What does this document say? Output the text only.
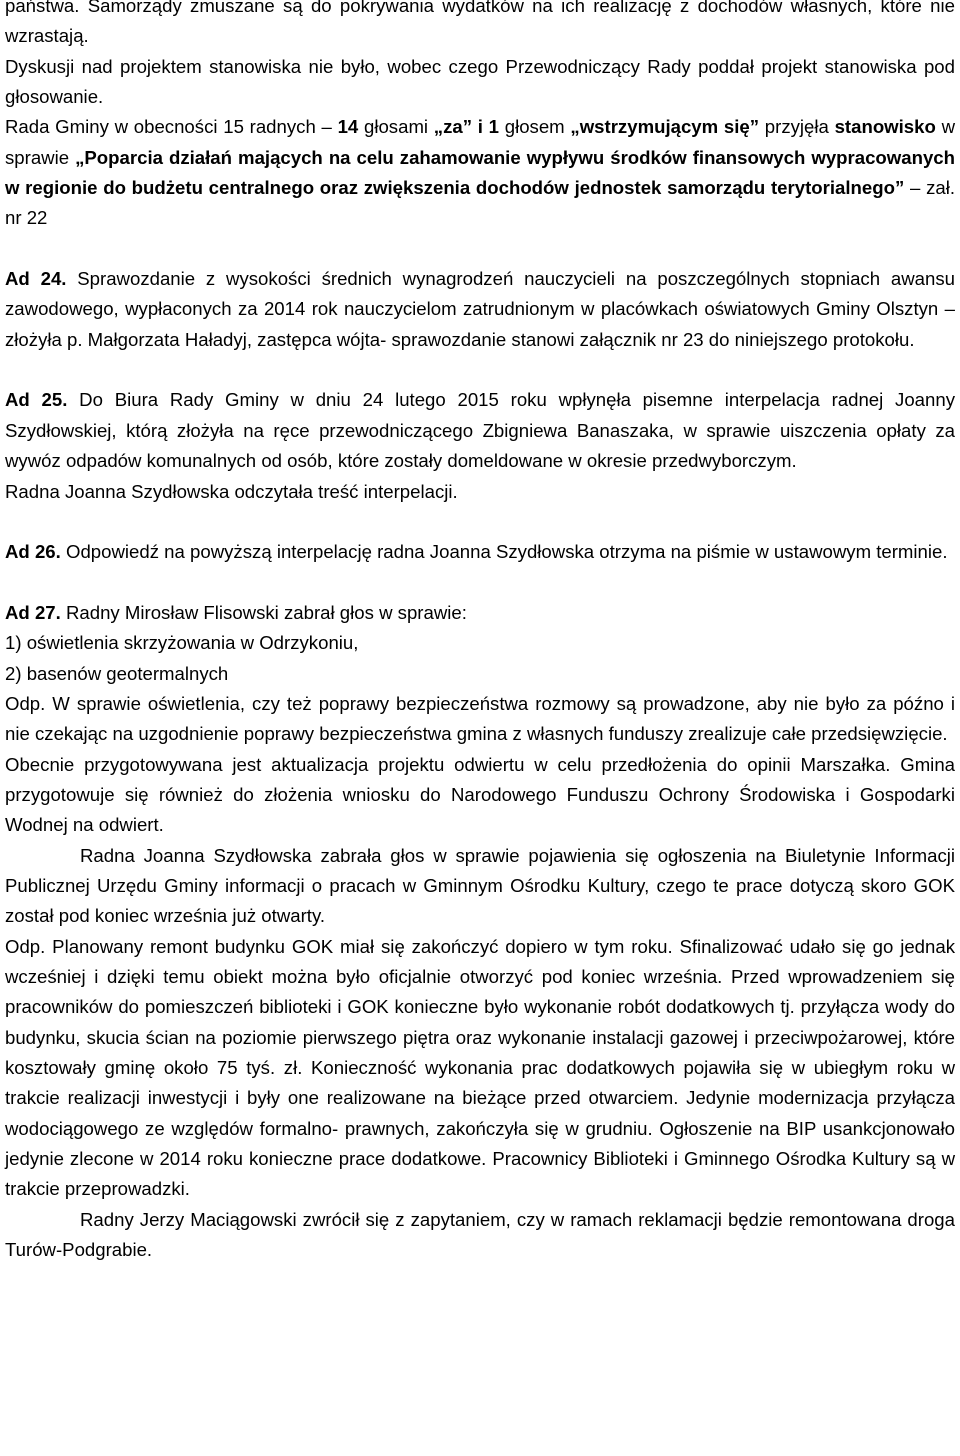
państwa. Samorządy zmuszane są do pokrywania wydatków na ich realizację z dochodów własnych, które nie wzrastają.

Dyskusji nad projektem stanowiska nie było, wobec czego Przewodniczący Rady poddał projekt stanowiska pod głosowanie.

Rada Gminy w obecności 15 radnych – 14 głosami „za” i 1 głosem „wstrzymującym się” przyjęła stanowisko w sprawie „Poparcia działań mających na celu zahamowanie wypływu środków finansowych wypracowanych w regionie do budżetu centralnego oraz zwiększenia dochodów jednostek samorządu terytorialnego” – zał. nr 22

Ad 24. Sprawozdanie z wysokości średnich wynagrodzeń nauczycieli na poszczególnych stopniach awansu zawodowego, wypłaconych za 2014 rok nauczycielom zatrudnionym w placówkach oświatowych Gminy Olsztyn – złożyła p. Małgorzata Haładyj, zastępca wójta- sprawozdanie stanowi załącznik nr 23 do niniejszego protokołu.

Ad 25. Do Biura Rady Gminy w dniu 24 lutego 2015 roku wpłynęła pisemne interpelacja radnej Joanny Szydłowskiej, którą złożyła na ręce przewodniczącego Zbigniewa Banaszaka, w sprawie uiszczenia opłaty za wywóz odpadów komunalnych od osób, które zostały domeldowane w okresie przedwyborczym.

Radna Joanna Szydłowska odczytała treść interpelacji.

Ad 26. Odpowiedź na powyższą interpelację radna Joanna Szydłowska otrzyma na piśmie w ustawowym terminie.

Ad 27. Radny Mirosław Flisowski zabrał głos w sprawie:

1) oświetlenia skrzyżowania w Odrzykoniu,

2) basenów geotermalnych

Odp. W sprawie oświetlenia, czy też poprawy bezpieczeństwa rozmowy są prowadzone, aby nie było za późno i nie czekając na uzgodnienie poprawy bezpieczeństwa gmina z własnych funduszy zrealizuje całe przedsięwzięcie.

Obecnie przygotowywana jest aktualizacja projektu odwiertu w celu przedłożenia do opinii Marszałka. Gmina przygotowuje się również do złożenia wniosku do Narodowego Funduszu Ochrony Środowiska i Gospodarki Wodnej na odwiert.

Radna Joanna Szydłowska zabrała głos w sprawie pojawienia się ogłoszenia na Biuletynie Informacji Publicznej Urzędu Gminy informacji o pracach w Gminnym Ośrodku Kultury, czego te prace dotyczą skoro GOK został pod koniec września już otwarty.

Odp. Planowany remont budynku GOK miał się zakończyć dopiero w tym roku. Sfinalizować udało się go jednak wcześniej i dzięki temu obiekt można było oficjalnie otworzyć pod koniec września. Przed wprowadzeniem się pracowników do pomieszczeń biblioteki i GOK konieczne było wykonanie robót dodatkowych tj. przyłącza wody do budynku, skucia ścian na poziomie pierwszego piętra oraz wykonanie instalacji gazowej i przeciwpożarowej, które kosztowały gminę około 75 tyś. zł. Konieczność wykonania prac dodatkowych pojawiła się w ubiegłym roku w trakcie realizacji inwestycji i były one realizowane na bieżące przed otwarciem. Jedynie modernizacja przyłącza wodociągowego ze względów formalno- prawnych, zakończyła się w grudniu. Ogłoszenie na BIP usankcjonowało jedynie zlecone w 2014 roku konieczne prace dodatkowe. Pracownicy Biblioteki i Gminnego Ośrodka Kultury są w trakcie przeprowadzki.

Radny Jerzy Maciągowski zwrócił się z zapytaniem, czy w ramach reklamacji będzie remontowana droga Turów-Podgrabie.
